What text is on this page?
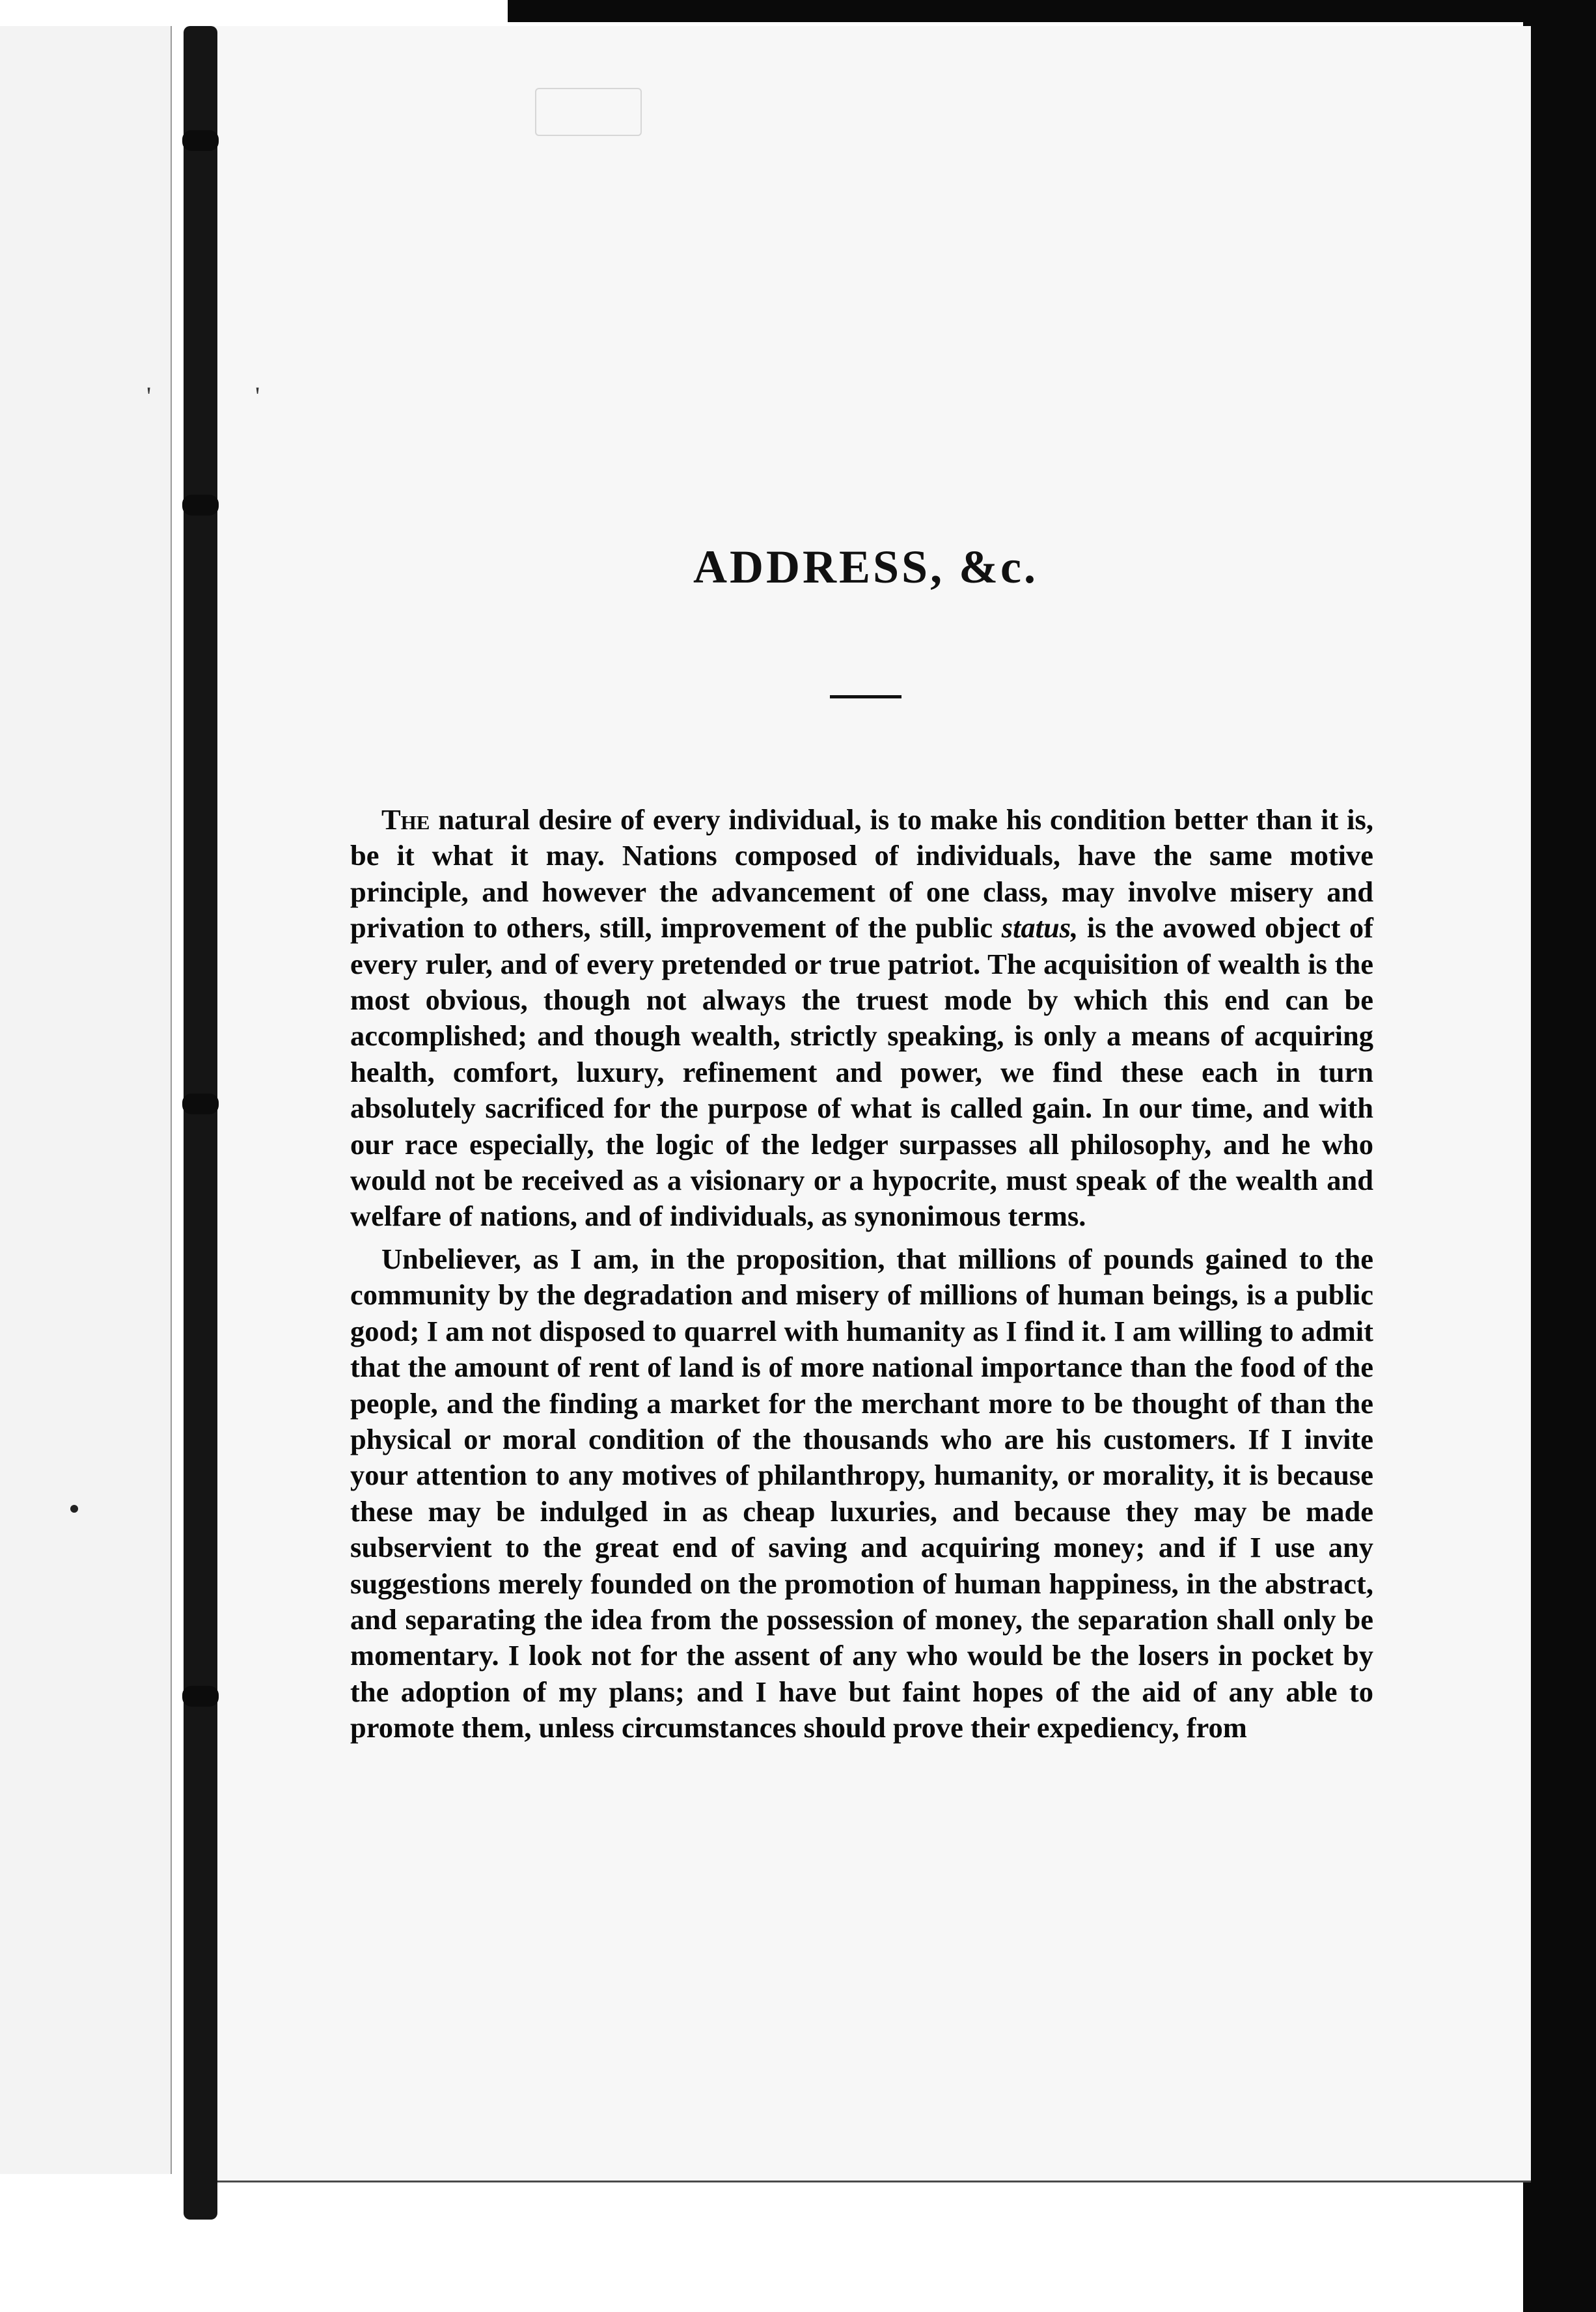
'	'
ADDRESS, &c.

The natural desire of every individual, is to make his condition better than it is, be it what it may. Nations composed of individuals, have the same motive principle, and however the advancement of one class, may involve misery and privation to others, still, improvement of the public status, is the avowed object of every ruler, and of every pretended or true patriot. The acquisition of wealth is the most obvious, though not always the truest mode by which this end can be accomplished; and though wealth, strictly speaking, is only a means of acquiring health, comfort, luxury, refinement and power, we find these each in turn absolutely sacrificed for the purpose of what is called gain. In our time, and with our race especially, the logic of the ledger surpasses all philosophy, and he who would not be received as a visionary or a hypocrite, must speak of the wealth and welfare of nations, and of individuals, as synonimous terms.

Unbeliever, as I am, in the proposition, that millions of pounds gained to the community by the degradation and misery of millions of human beings, is a public good; I am not disposed to quarrel with humanity as I find it. I am willing to admit that the amount of rent of land is of more national importance than the food of the people, and the finding a market for the merchant more to be thought of than the physical or moral condition of the thousands who are his customers. If I invite your attention to any motives of philanthropy, humanity, or morality, it is because these may be indulged in as cheap luxuries, and because they may be made subservient to the great end of saving and acquiring money; and if I use any suggestions merely founded on the promotion of human happiness, in the abstract, and separating the idea from the possession of money, the separation shall only be momentary. I look not for the assent of any who would be the losers in pocket by the adoption of my plans; and I have but faint hopes of the aid of any able to promote them, unless circumstances should prove their expediency, from
